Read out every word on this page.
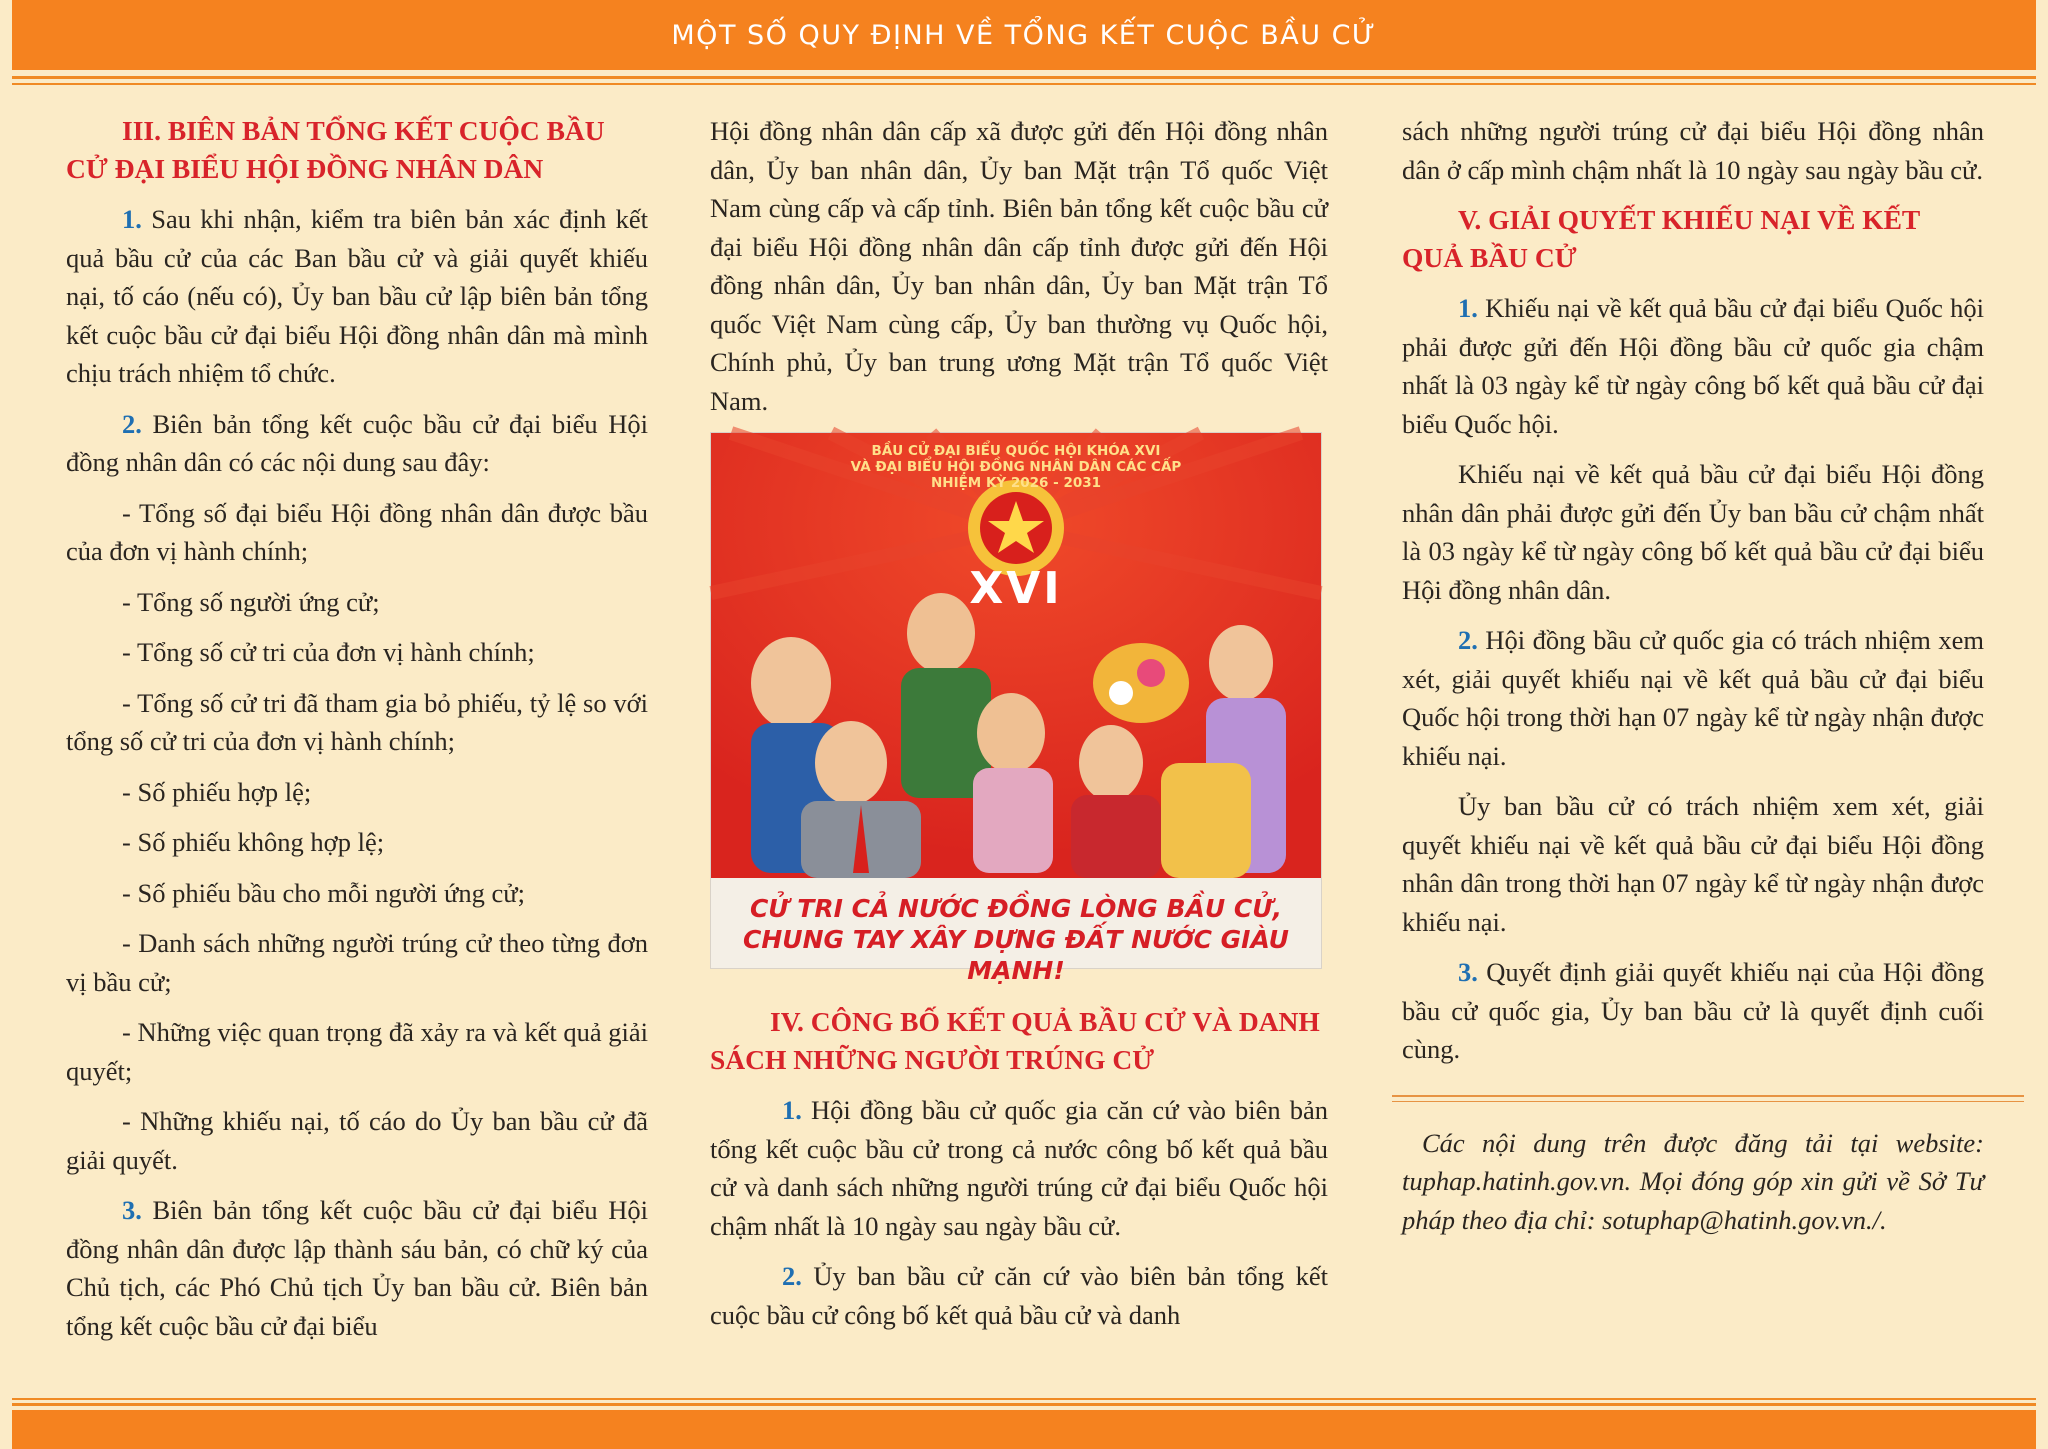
MỘT SỐ QUY ĐỊNH VỀ TỔNG KẾT CUỘC BẦU CỬ
III. BIÊN BẢN TỔNG KẾT CUỘC BẦU CỬ ĐẠI BIỂU HỘI ĐỒNG NHÂN DÂN

1. Sau khi nhận, kiểm tra biên bản xác định kết quả bầu cử của các Ban bầu cử và giải quyết khiếu nại, tố cáo (nếu có), Ủy ban bầu cử lập biên bản tổng kết cuộc bầu cử đại biểu Hội đồng nhân dân mà mình chịu trách nhiệm tổ chức.

2. Biên bản tổng kết cuộc bầu cử đại biểu Hội đồng nhân dân có các nội dung sau đây:

- Tổng số đại biểu Hội đồng nhân dân được bầu của đơn vị hành chính;

- Tổng số người ứng cử;

- Tổng số cử tri của đơn vị hành chính;

- Tổng số cử tri đã tham gia bỏ phiếu, tỷ lệ so với tổng số cử tri của đơn vị hành chính;

- Số phiếu hợp lệ;

- Số phiếu không hợp lệ;

- Số phiếu bầu cho mỗi người ứng cử;

- Danh sách những người trúng cử theo từng đơn vị bầu cử;

- Những việc quan trọng đã xảy ra và kết quả giải quyết;

- Những khiếu nại, tố cáo do Ủy ban bầu cử đã giải quyết.

3. Biên bản tổng kết cuộc bầu cử đại biểu Hội đồng nhân dân được lập thành sáu bản, có chữ ký của Chủ tịch, các Phó Chủ tịch Ủy ban bầu cử. Biên bản tổng kết cuộc bầu cử đại biểu

Hội đồng nhân dân cấp xã được gửi đến Hội đồng nhân dân, Ủy ban nhân dân, Ủy ban Mặt trận Tổ quốc Việt Nam cùng cấp và cấp tỉnh. Biên bản tổng kết cuộc bầu cử đại biểu Hội đồng nhân dân cấp tỉnh được gửi đến Hội đồng nhân dân, Ủy ban nhân dân, Ủy ban Mặt trận Tổ quốc Việt Nam cùng cấp, Ủy ban thường vụ Quốc hội, Chính phủ, Ủy ban trung ương Mặt trận Tổ quốc Việt Nam.

BẦU CỬ ĐẠI BIỂU QUỐC HỘI KHÓA XVI
VÀ ĐẠI BIỂU HỘI ĐỒNG NHÂN DÂN CÁC CẤP
NHIỆM KỲ 2026 - 2031
XVI
CỬ TRI CẢ NƯỚC ĐỒNG LÒNG BẦU CỬ,
CHUNG TAY XÂY DỰNG ĐẤT NƯỚC GIÀU MẠNH!
IV. CÔNG BỐ KẾT QUẢ BẦU CỬ VÀ DANH SÁCH NHỮNG NGƯỜI TRÚNG CỬ

1. Hội đồng bầu cử quốc gia căn cứ vào biên bản tổng kết cuộc bầu cử trong cả nước công bố kết quả bầu cử và danh sách những người trúng cử đại biểu Quốc hội chậm nhất là 10 ngày sau ngày bầu cử.

2. Ủy ban bầu cử căn cứ vào biên bản tổng kết cuộc bầu cử công bố kết quả bầu cử và danh

sách những người trúng cử đại biểu Hội đồng nhân dân ở cấp mình chậm nhất là 10 ngày sau ngày bầu cử.

V. GIẢI QUYẾT KHIẾU NẠI VỀ KẾT QUẢ BẦU CỬ

1. Khiếu nại về kết quả bầu cử đại biểu Quốc hội phải được gửi đến Hội đồng bầu cử quốc gia chậm nhất là 03 ngày kể từ ngày công bố kết quả bầu cử đại biểu Quốc hội.

Khiếu nại về kết quả bầu cử đại biểu Hội đồng nhân dân phải được gửi đến Ủy ban bầu cử chậm nhất là 03 ngày kể từ ngày công bố kết quả bầu cử đại biểu Hội đồng nhân dân.

2. Hội đồng bầu cử quốc gia có trách nhiệm xem xét, giải quyết khiếu nại về kết quả bầu cử đại biểu Quốc hội trong thời hạn 07 ngày kể từ ngày nhận được khiếu nại.

Ủy ban bầu cử có trách nhiệm xem xét, giải quyết khiếu nại về kết quả bầu cử đại biểu Hội đồng nhân dân trong thời hạn 07 ngày kể từ ngày nhận được khiếu nại.

3. Quyết định giải quyết khiếu nại của Hội đồng bầu cử quốc gia, Ủy ban bầu cử là quyết định cuối cùng.

Các nội dung trên được đăng tải tại website: tuphap.hatinh.gov.vn. Mọi đóng góp xin gửi về Sở Tư pháp theo địa chỉ: sotuphap@hatinh.gov.vn./.
